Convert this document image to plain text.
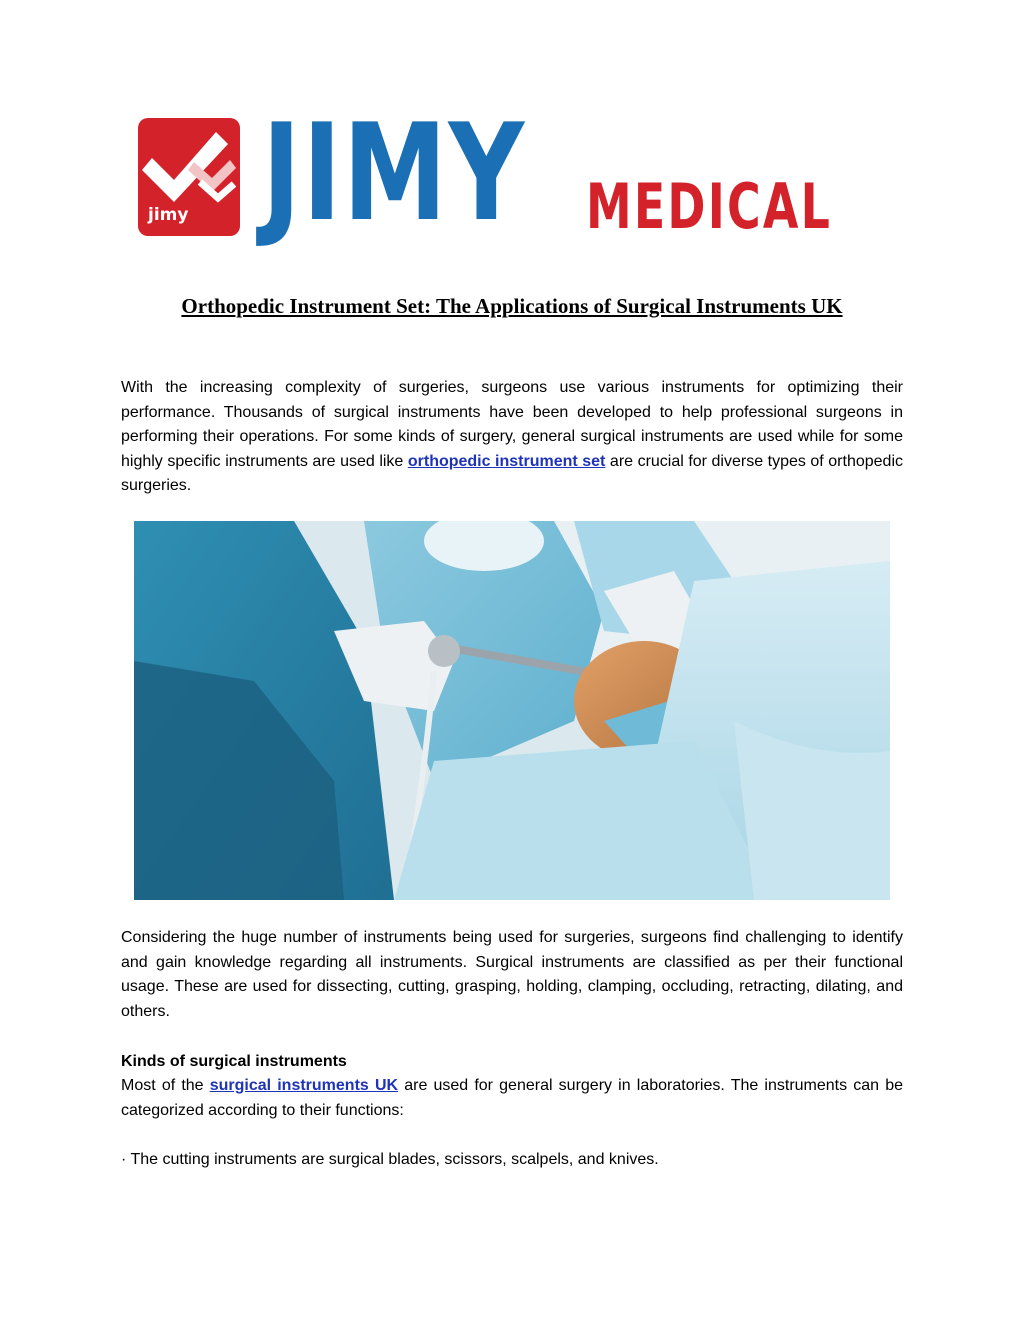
jimy JIMY MEDICAL
Orthopedic Instrument Set: The Applications of Surgical Instruments UK

With the increasing complexity of surgeries, surgeons use various instruments for optimizing their performance. Thousands of surgical instruments have been developed to help professional surgeons in performing their operations. For some kinds of surgery, general surgical instruments are used while for some highly specific instruments are used like orthopedic instrument set are crucial for diverse types of orthopedic surgeries.

Considering the huge number of instruments being used for surgeries, surgeons find challenging to identify and gain knowledge regarding all instruments. Surgical instruments are classified as per their functional usage. These are used for dissecting, cutting, grasping, holding, clamping, occluding, retracting, dilating, and others.

Kinds of surgical instruments

Most of the surgical instruments UK are used for general surgery in laboratories. The instruments can be categorized according to their functions:

· The cutting instruments are surgical blades, scissors, scalpels, and knives.
